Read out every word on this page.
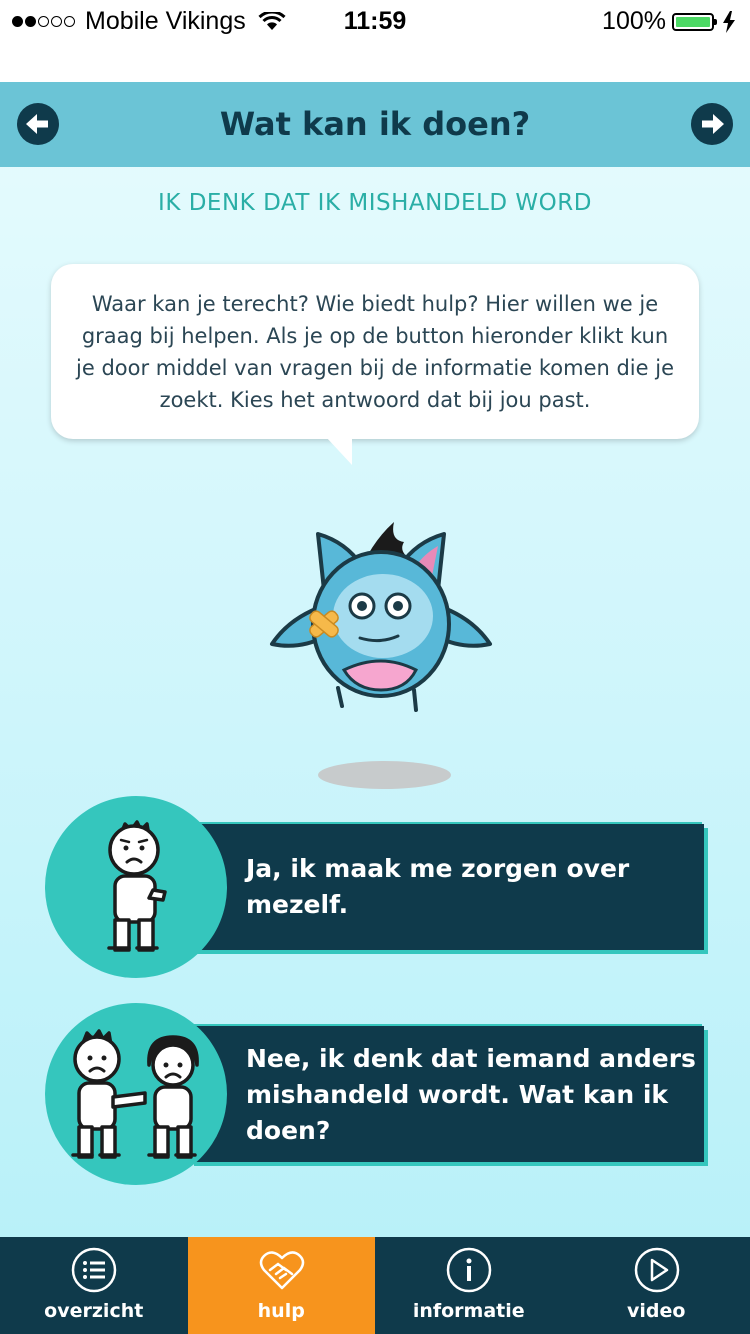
Mobile Vikings	11:59	100%
Wat kan ik doen?
IK DENK DAT IK MISHANDELD WORD
Waar kan je terecht? Wie biedt hulp? Hier willen we je graag bij helpen. Als je op de button hieronder klikt kun je door middel van vragen bij de informatie komen die je zoekt. Kies het antwoord dat bij jou past.
Ja, ik maak me zorgen over mezelf.
Nee, ik denk dat iemand anders mishandeld wordt. Wat kan ik doen?
overzicht	hulp	informatie	video
